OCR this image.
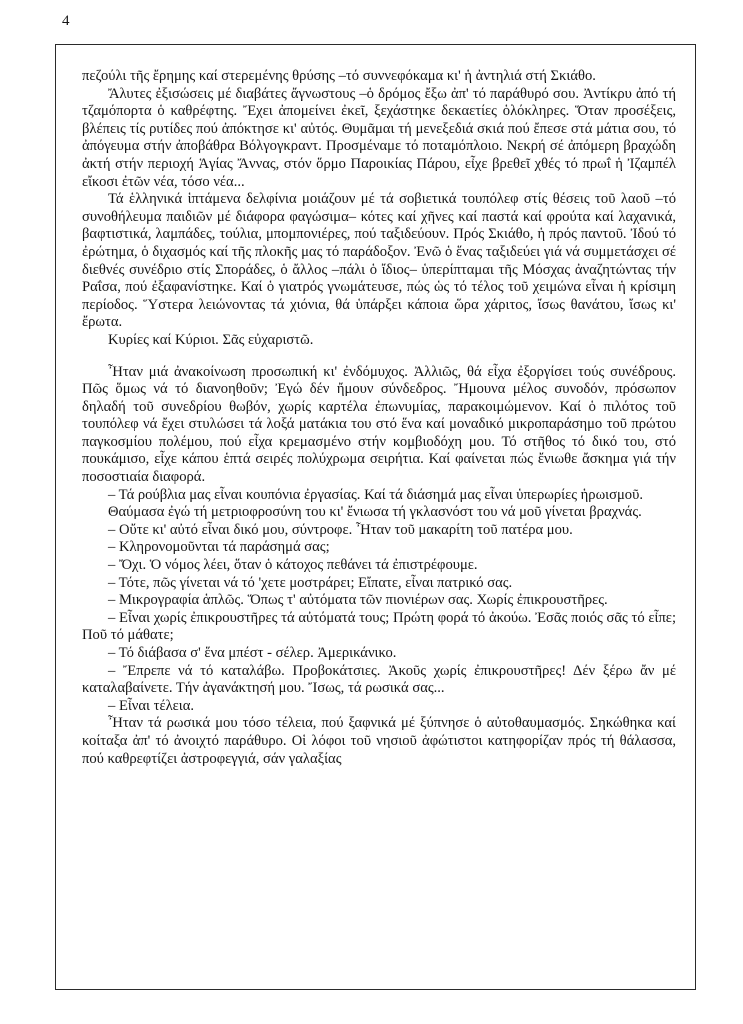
4

πεζούλι τῆς ἔρημης καί στερεμένης θρύσης –τό συννεφόκαμα κι' ἡ ἀντηλιά στή Σκιάθο.

Ἄλυτες ἐξισώσεις μέ διαβάτες ἄγνωστους –ὁ δρόμος ἔξω ἀπ' τό παράθυρό σου. Ἀντίκρυ ἀπό τή τζαμόπορτα ὁ καθρέφτης. Ἔχει ἀπομείνει ἐκεῖ, ξεχάστηκε δεκαετίες ὁλόκληρες. Ὅταν προσέξεις, βλέπεις τίς ρυτίδες πού ἀπόκτησε κι' αὐτός. Θυμᾶμαι τή μενεξεδιά σκιά πού ἔπεσε στά μάτια σου, τό ἀπόγευμα στήν ἀποβάθρα Βόλγογκραντ. Προσμέναμε τό ποταμόπλοιο. Νεκρή σέ ἀπόμερη βραχώδη ἀκτή στήν περιοχή Ἁγίας Ἄννας, στόν ὅρμο Παροικίας Πάρου, εἶχε βρεθεῖ χθές τό πρωΐ ἡ Ἰζαμπέλ εἴκοσι ἐτῶν νέα, τόσο νέα...

Τά ἑλληνικά ἱπτάμενα δελφίνια μοιάζουν μέ τά σοβιετικά τουπόλεφ στίς θέσεις τοῦ λαοῦ –τό συνοθήλευμα παιδιῶν μέ διάφορα φαγώσιμα– κότες καί χῆνες καί παστά καί φρούτα καί λαχανικά, βαφτιστικά, λαμπάδες, τούλια, μπομπονιέρες, πού ταξιδεύουν. Πρός Σκιάθο, ἡ πρός παντοῦ. Ἰδού τό ἐρώτημα, ὁ διχασμός καί τῆς πλοκῆς μας τό παράδοξον. Ἐνῶ ὁ ἕνας ταξιδεύει γιά νά συμμετάσχει σέ διεθνές συνέδριο στίς Σποράδες, ὁ ἄλλος –πάλι ὁ ἴδιος– ὑπερίπταμαι τῆς Μόσχας ἀναζητώντας τήν Ραΐσα, πού ἐξαφανίστηκε. Καί ὁ γιατρός γνωμάτευσε, πώς ὡς τό τέλος τοῦ χειμώνα εἶναι ἡ κρίσιμη περίοδος. Ὕστερα λειώνοντας τά χιόνια, θά ὑπάρξει κάποια ὥρα χάριτος, ἴσως θανάτου, ἴσως κι' ἔρωτα.

Κυρίες καί Κύριοι. Σᾶς εὐχαριστῶ.

Ἦταν μιά ἀνακοίνωση προσωπική κι' ἐνδόμυχος. Ἀλλιῶς, θά εἶχα ἐξοργίσει τούς συνέδρους. Πῶς ὅμως νά τό διανοηθοῦν; Ἐγώ δέν ἤμουν σύνδεδρος. Ἤμουνα μέλος συνοδόν, πρόσωπον δηλαδή τοῦ συνεδρίου θωβόν, χωρίς καρτέλα ἐπωνυμίας, παρακοιμώμενον. Καί ὁ πιλότος τοῦ τουπόλεφ νά ἔχει στυλώσει τά λοξά ματάκια του στό ἕνα καί μοναδικό μικροπαράσημο τοῦ πρώτου παγκοσμίου πολέμου, πού εἶχα κρεμασμένο στήν κομβιοδόχη μου. Τό στῆθος τό δικό του, στό πουκάμισο, εἶχε κάπου ἑπτά σειρές πολύχρωμα σειρήτια. Καί φαίνεται πώς ἔνιωθε ἄσκημα γιά τήν ποσοστιαία διαφορά.

– Τά ρούβλια μας εἶναι κουπόνια ἐργασίας. Καί τά διάσημά μας εἶναι ὑπερωρίες ἡρωισμοῦ.

Θαύμασα ἐγώ τή μετριοφροσύνη του κι' ἔνιωσα τή γκλασνόστ του νά μοῦ γίνεται βραχνάς.

– Οὔτε κι' αὐτό εἶναι δικό μου, σύντροφε. Ἦταν τοῦ μακαρίτη τοῦ πατέρα μου.

– Κληρονομοῦνται τά παράσημά σας;

– Ὄχι. Ὁ νόμος λέει, ὅταν ὁ κάτοχος πεθάνει τά ἐπιστρέφουμε.

– Τότε, πῶς γίνεται νά τό 'χετε μοστράρει; Εἴπατε, εἶναι πατρικό σας.

– Μικρογραφία ἁπλῶς. Ὅπως τ' αὐτόματα τῶν πιονιέρων σας. Χωρίς ἐπικρουστῆρες.

– Εἶναι χωρίς ἐπικρουστῆρες τά αὐτόματά τους; Πρώτη φορά τό ἀκούω. Ἐσᾶς ποιός σᾶς τό εἶπε; Ποῦ τό μάθατε;

– Τό διάβασα σ' ἕνα μπέστ - σέλερ. Ἀμερικάνικο.

– Ἔπρεπε νά τό καταλάβω. Προβοκάτσιες. Ἀκοῦς χωρίς ἐπικρουστῆρες! Δέν ξέρω ἄν μέ καταλαβαίνετε. Τήν ἀγανάκτησή μου. Ἴσως, τά ρωσικά σας...

– Εἶναι τέλεια.

Ἦταν τά ρωσικά μου τόσο τέλεια, πού ξαφνικά μέ ξύπνησε ὁ αὐτοθαυμασμός. Σηκώθηκα καί κοίταξα ἀπ' τό ἀνοιχτό παράθυρο. Οἱ λόφοι τοῦ νησιοῦ ἀφώτιστοι κατηφορίζαν πρός τή θάλασσα, πού καθρεφτίζει ἀστροφεγγιά, σάν γαλαξίας
